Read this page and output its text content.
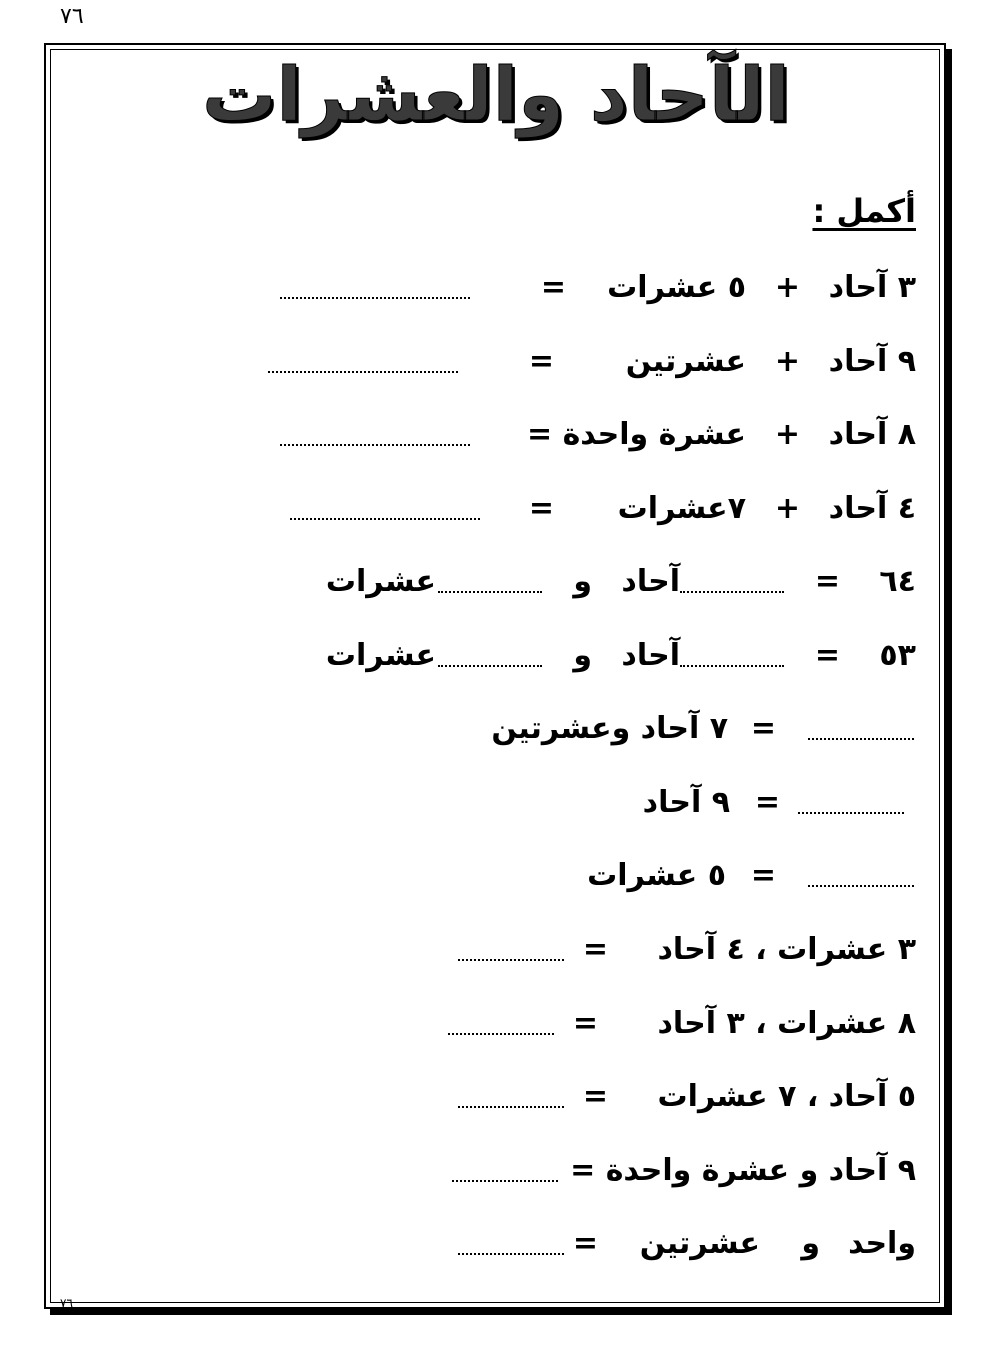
٧٦
الآحاد والعشرات
أكمل :
٣ آحاد
+
٥ عشرات
=
٩ آحاد
+
عشرتين
=
٨ آحاد
+
عشرة واحدة =
٤ آحاد
+
٧عشرات
=
٦٤
=
آحاد
و
عشرات
٥٣
=
آحاد
و
عشرات
=
٧ آحاد وعشرتين
=
٩ آحاد
=
٥ عشرات
٣ عشرات ، ٤ آحاد
=
٨ عشرات ، ٣ آحاد
=
٥ آحاد ، ٧ عشرات
=
٩ آحاد و عشرة واحدة =
واحد
و
عشرتين
=
٧٦
